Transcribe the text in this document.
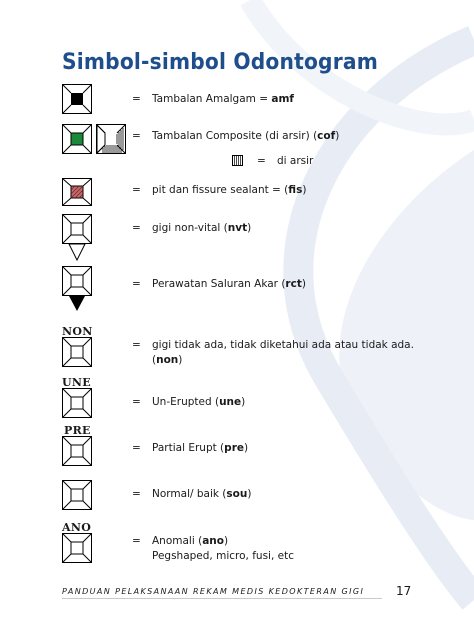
Simbol-simbol Odontogram
= Tambalan Amalgam = amf
= Tambalan Composite (di arsir) (cof)
= di arsir
= pit dan fissure sealant = (fis)
= gigi non-vital (nvt)
= Perawatan Saluran Akar (rct)
NON
= gigi tidak ada, tidak diketahui ada atau tidak ada.
(non)
UNE
= Un-Erupted (une)
PRE
= Partial Erupt (pre)
= Normal/ baik (sou)
ANO
= Anomali (ano)
Pegshaped, micro, fusi, etc
PANDUAN PELAKSANAAN REKAM MEDIS KEDOKTERAN GIGI	17
